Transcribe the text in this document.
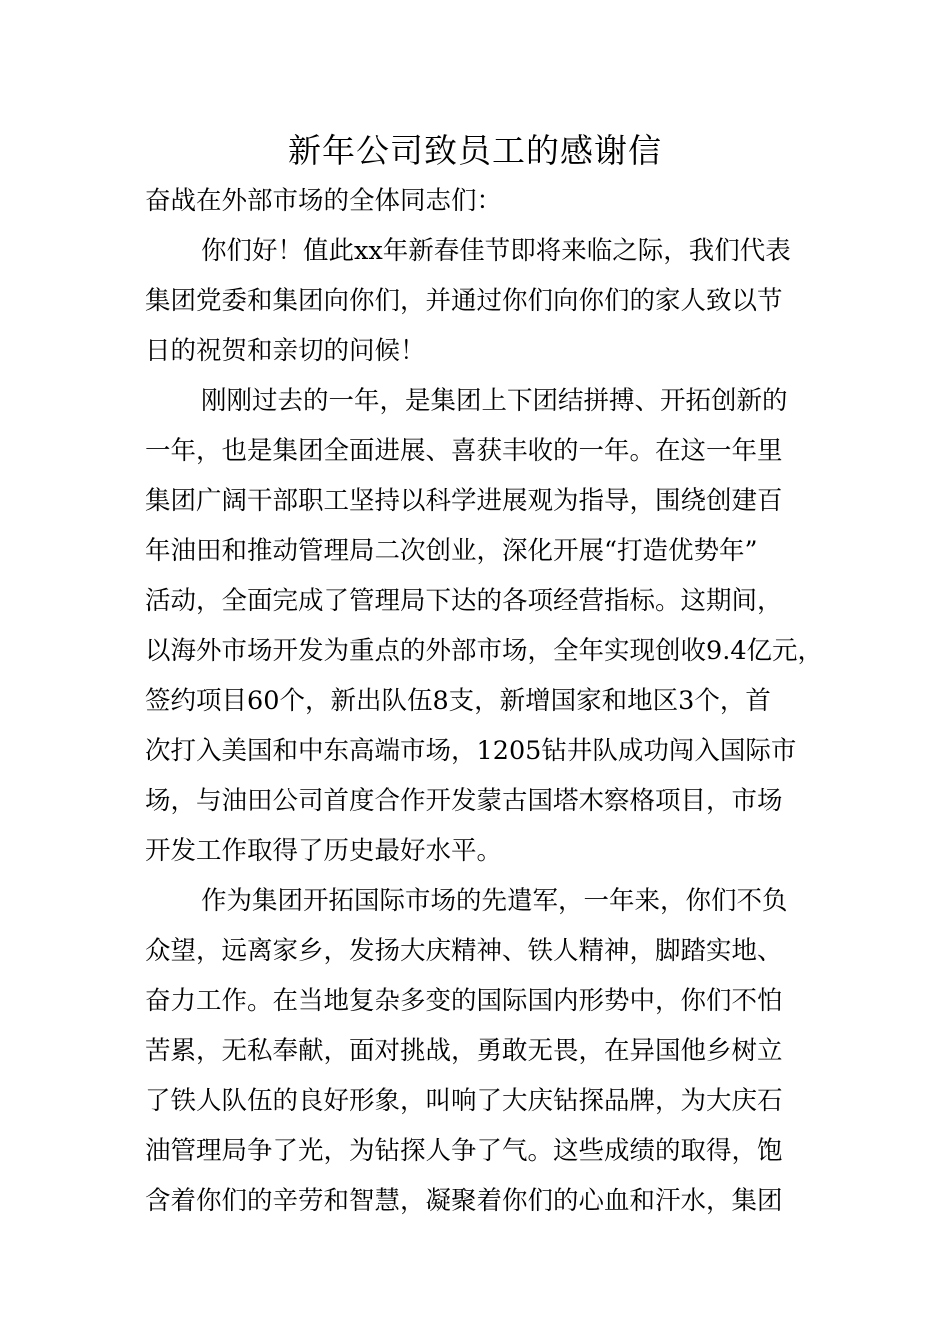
新年公司致员工的感谢信
奋战在外部市场的全体同志们：
你们好！值此xx年新春佳节即将来临之际，我们代表
集团党委和集团向你们，并通过你们向你们的家人致以节
日的祝贺和亲切的问候！
刚刚过去的一年，是集团上下团结拼搏、开拓创新的
一年，也是集团全面进展、喜获丰收的一年。在这一年里
集团广阔干部职工坚持以科学进展观为指导，围绕创建百
年油田和推动管理局二次创业，深化开展“打造优势年”
活动，全面完成了管理局下达的各项经营指标。这期间，
以海外市场开发为重点的外部市场，全年实现创收9.4亿元，
签约项目60个，新出队伍8支，新增国家和地区3个，首
次打入美国和中东高端市场，1205钻井队成功闯入国际市
场，与油田公司首度合作开发蒙古国塔木察格项目，市场
开发工作取得了历史最好水平。
作为集团开拓国际市场的先遣军，一年来，你们不负
众望，远离家乡，发扬大庆精神、铁人精神，脚踏实地、
奋力工作。在当地复杂多变的国际国内形势中，你们不怕
苦累，无私奉献，面对挑战，勇敢无畏，在异国他乡树立
了铁人队伍的良好形象，叫响了大庆钻探品牌，为大庆石
油管理局争了光，为钻探人争了气。这些成绩的取得，饱
含着你们的辛劳和智慧，凝聚着你们的心血和汗水，集团
